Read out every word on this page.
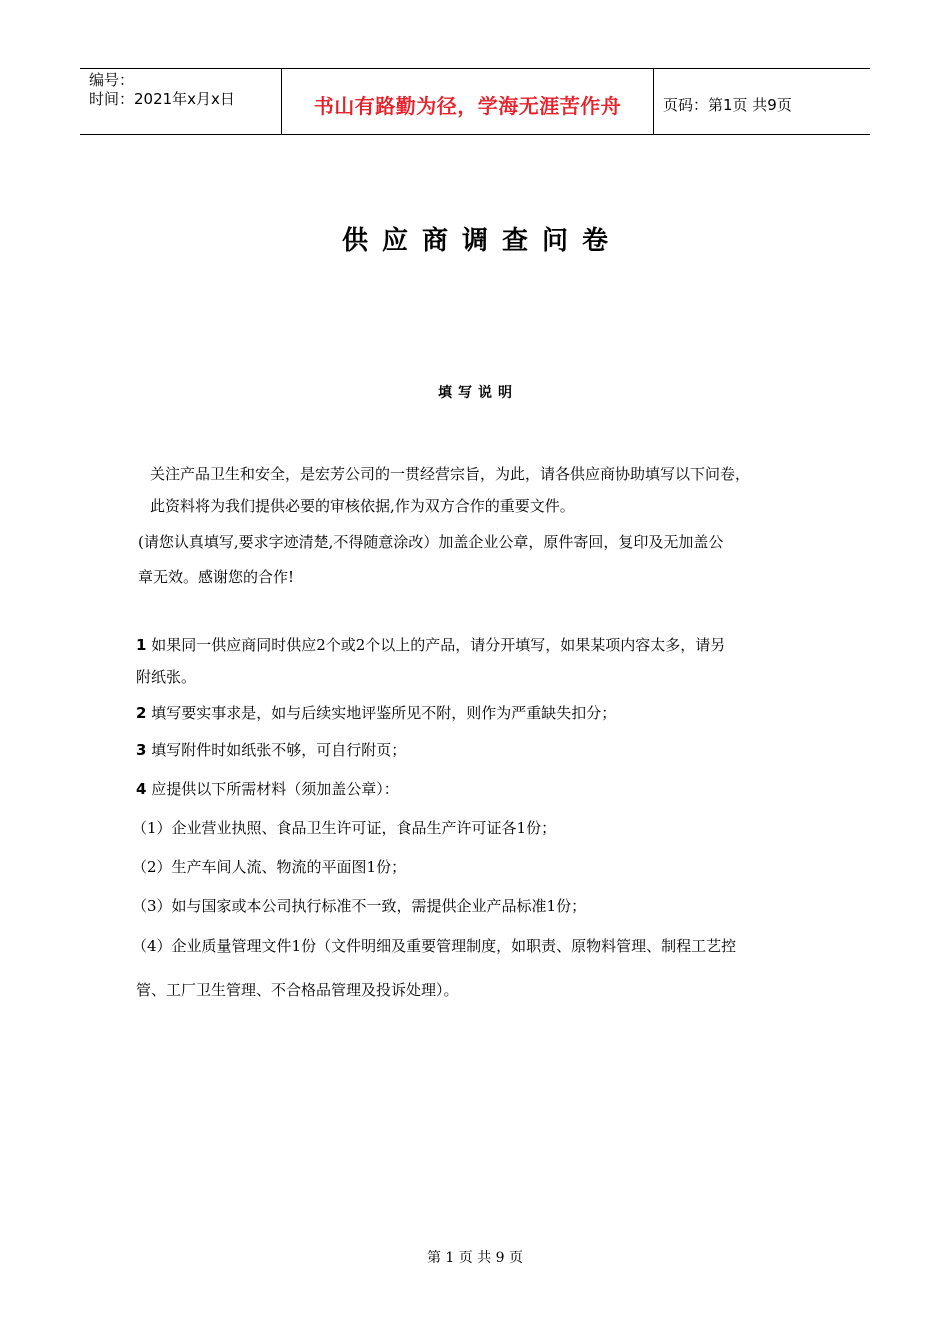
编号：
时间：2021年x月x日	书山有路勤为径，学海无涯苦作舟	页码：第1页 共9页
供应商调查问卷
填写说明
关注产品卫生和安全，是宏芳公司的一贯经营宗旨，为此，请各供应商协助填写以下问卷，
此资料将为我们提供必要的审核依据,作为双方合作的重要文件。
(请您认真填写,要求字迹清楚,不得随意涂改）加盖企业公章，原件寄回，复印及无加盖公
章无效。感谢您的合作!
1 如果同一供应商同时供应2个或2个以上的产品，请分开填写，如果某项内容太多，请另
附纸张。
2 填写要实事求是，如与后续实地评鉴所见不附，则作为严重缺失扣分；
3 填写附件时如纸张不够，可自行附页；
4 应提供以下所需材料（须加盖公章）：
（1）企业营业执照、食品卫生许可证，食品生产许可证各1份；
（2）生产车间人流、物流的平面图1份；
（3）如与国家或本公司执行标准不一致，需提供企业产品标准1份；
（4）企业质量管理文件1份（文件明细及重要管理制度，如职责、原物料管理、制程工艺控
管、工厂卫生管理、不合格品管理及投诉处理）。
第 1 页 共 9 页
